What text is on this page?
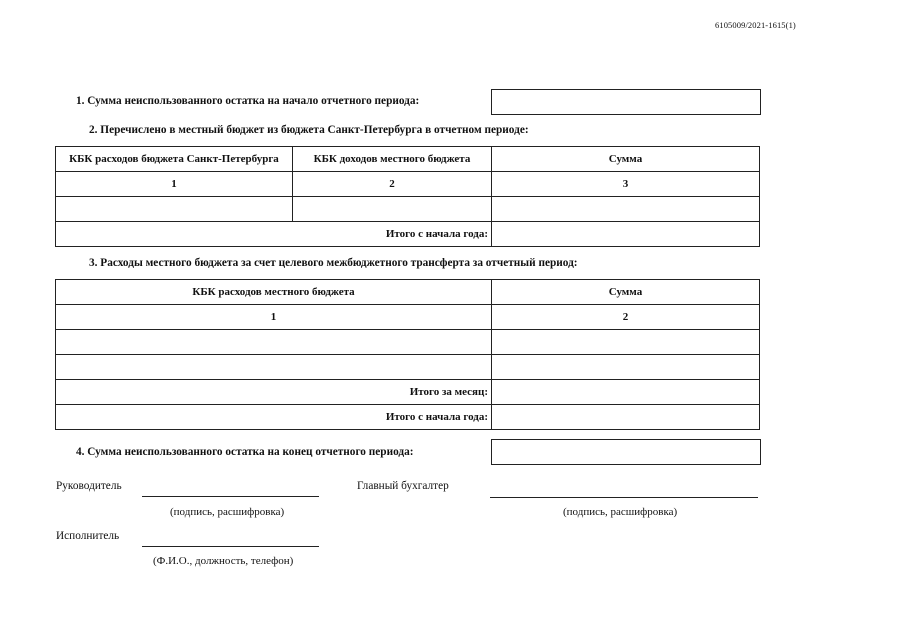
6105009/2021-1615(1)
1. Сумма неиспользованного остатка на начало отчетного периода:
2. Перечислено в местный бюджет из бюджета Санкт-Петербурга в отчетном периоде:
КБК расходов бюджета Санкт-Петербурга	КБК доходов местного бюджета	Сумма
1	2	3

Итого с начала года:		
3. Расходы местного бюджета за счет целевого межбюджетного трансферта за отчетный период:
КБК расходов местного бюджета	Сумма
1	2

Итого за месяц:	
Итого с начала года:	
4. Сумма неиспользованного остатка на конец отчетного периода:
Руководитель
(подпись, расшифровка)
Главный бухгалтер
(подпись, расшифровка)
Исполнитель
(Ф.И.О., должность, телефон)
